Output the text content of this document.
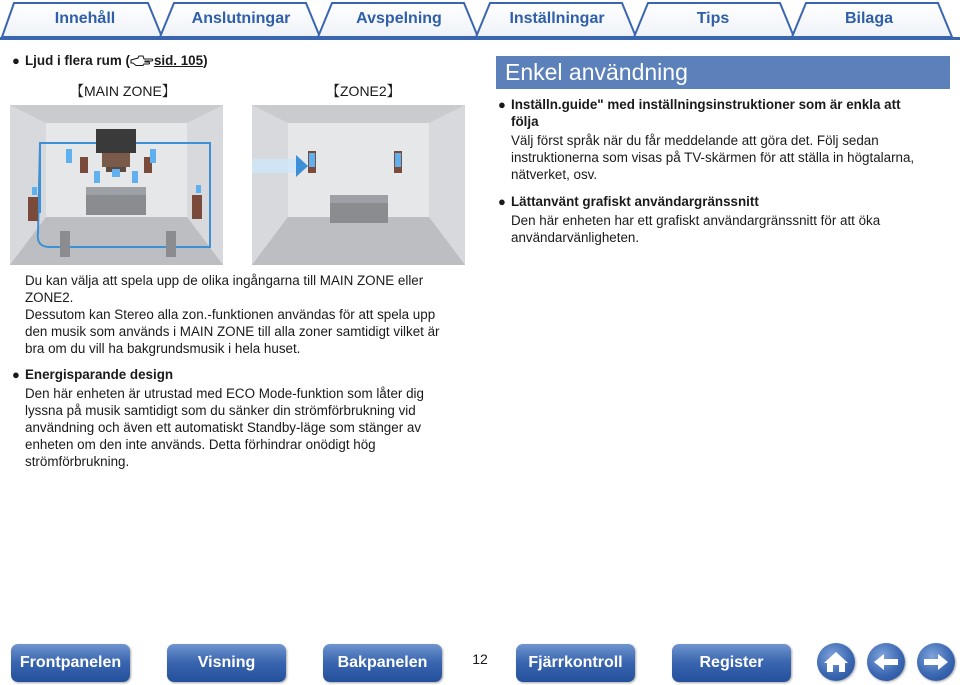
Innehåll	Anslutningar	Avspelning	Inställningar	Tips	Bilaga
● Ljud i flera rum ( sid. 105)
【MAIN ZONE】	【ZONE2】
Du kan välja att spela upp de olika ingångarna till MAIN ZONE eller
ZONE2.
Dessutom kan Stereo alla zon.-funktionen användas för att spela upp
den musik som används i MAIN ZONE till alla zoner samtidigt vilket är
bra om du vill ha bakgrundsmusik i hela huset.
● Energisparande design
Den här enheten är utrustad med ECO Mode-funktion som låter dig
lyssna på musik samtidigt som du sänker din strömförbrukning vid
användning och även ett automatiskt Standby-läge som stänger av
enheten om den inte används. Detta förhindrar onödigt hög
strömförbrukning.
Enkel användning
● Inställn.guide" med inställningsinstruktioner som är enkla att
följa
Välj först språk när du får meddelande att göra det. Följ sedan
instruktionerna som visas på TV-skärmen för att ställa in högtalarna,
nätverket, osv.
● Lättanvänt grafiskt användargränssnitt
Den här enheten har ett grafiskt användargränssnitt för att öka
användarvänligheten.
Frontpanelen	Visning	Bakpanelen	12	Fjärrkontroll	Register
